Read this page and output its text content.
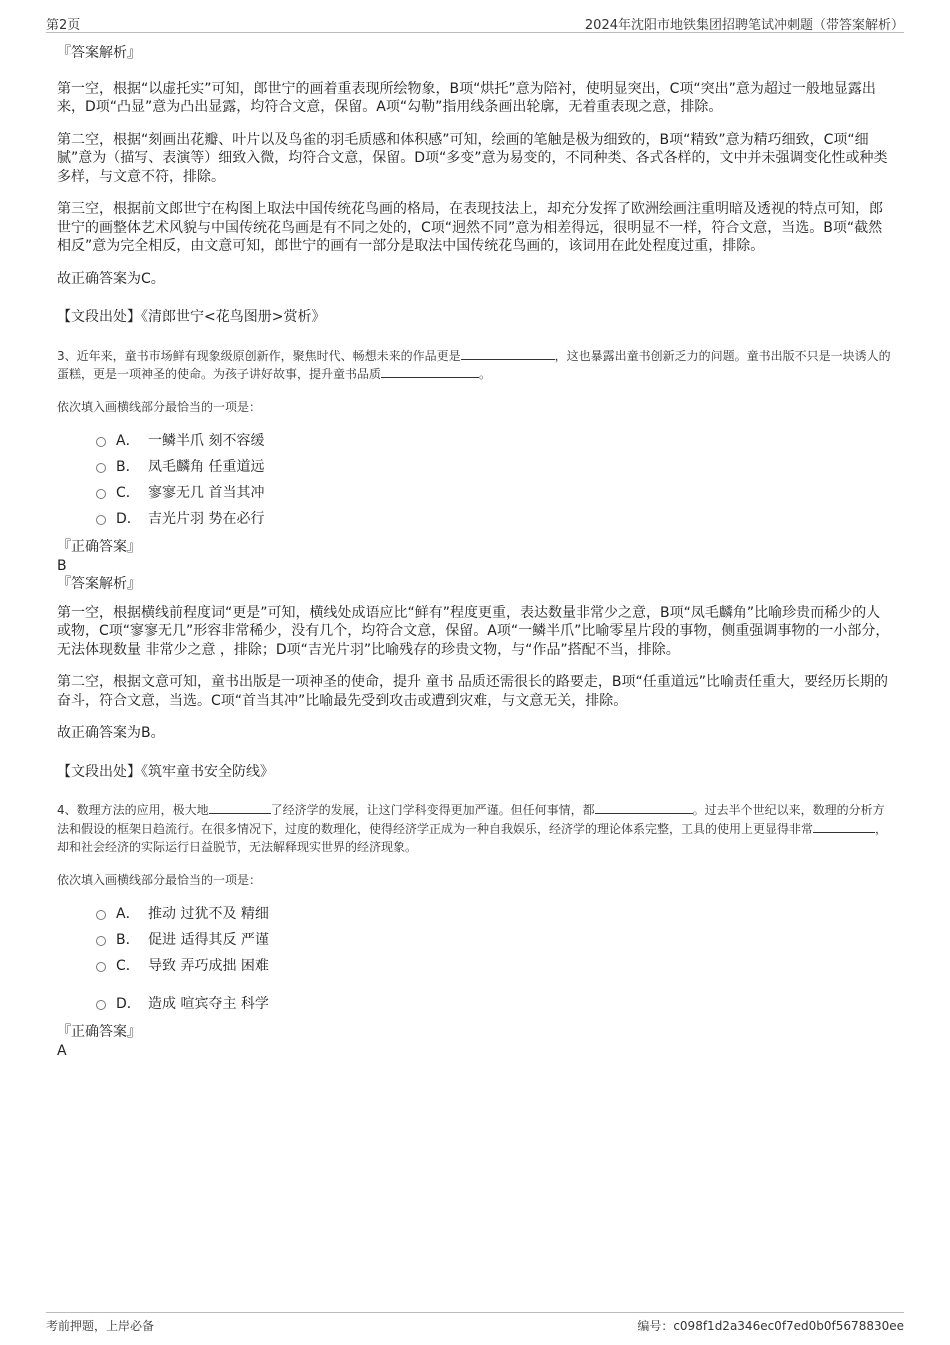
第2页	2024年沈阳市地铁集团招聘笔试冲刺题（带答案解析）

『答案解析』

第一空，根据“以虚托实”可知，郎世宁的画着重表现所绘物象，B项“烘托”意为陪衬，使明显突出，C项“突出”意为超过一般地显露出来，D项“凸显”意为凸出显露，均符合文意，保留。A项“勾勒”指用线条画出轮廓，无着重表现之意，排除。

第二空，根据“刻画出花瓣、叶片以及鸟雀的羽毛质感和体积感”可知，绘画的笔触是极为细致的，B项“精致”意为精巧细致，C项“细腻”意为（描写、表演等）细致入微，均符合文意，保留。D项“多变”意为易变的，不同种类、各式各样的，文中并未强调变化性或种类多样，与文意不符，排除。

第三空，根据前文郎世宁在构图上取法中国传统花鸟画的格局，在表现技法上，却充分发挥了欧洲绘画注重明暗及透视的特点可知，郎世宁的画整体艺术风貌与中国传统花鸟画是有不同之处的，C项“迥然不同”意为相差得远，很明显不一样，符合文意，当选。B项“截然相反”意为完全相反，由文意可知，郎世宁的画有一部分是取法中国传统花鸟画的，该词用在此处程度过重，排除。

故正确答案为C。

【文段出处】《清郎世宁<花鸟图册>赏析》

3、近年来，童书市场鲜有现象级原创新作，聚焦时代、畅想未来的作品更是	，这也暴露出童书创新乏力的问题。童书出版不只是一块诱人的蛋糕，更是一项神圣的使命。为孩子讲好故事，提升童书品质	。

依次填入画横线部分最恰当的一项是：

A． 一鳞半爪 刻不容缓
B． 凤毛麟角 任重道远
C． 寥寥无几 首当其冲
D． 吉光片羽 势在必行

『正确答案』

B

『答案解析』

第一空，根据横线前程度词“更是”可知，横线处成语应比“鲜有”程度更重，表达数量非常少之意，B项“凤毛麟角”比喻珍贵而稀少的人或物，C项“寥寥无几”形容非常稀少，没有几个，均符合文意，保留。A项“一鳞半爪”比喻零星片段的事物，侧重强调事物的一小部分，无法体现数量 非常少之意 ，排除；D项“吉光片羽”比喻残存的珍贵文物，与“作品”搭配不当，排除。

第二空，根据文意可知，童书出版是一项神圣的使命，提升 童书 品质还需很长的路要走，B项“任重道远”比喻责任重大，要经历长期的奋斗，符合文意，当选。C项“首当其冲”比喻最先受到攻击或遭到灾难，与文意无关，排除。

故正确答案为B。

【文段出处】《筑牢童书安全防线》

4、数理方法的应用，极大地	了经济学的发展，让这门学科变得更加严谨。但任何事情，都	。过去半个世纪以来，数理的分析方法和假设的框架日趋流行。在很多情况下，过度的数理化，使得经济学正成为一种自我娱乐，经济学的理论体系完整，工具的使用上更显得非常	，却和社会经济的实际运行日益脱节，无法解释现实世界的经济现象。

依次填入画横线部分最恰当的一项是：

A． 推动 过犹不及 精细
B． 促进 适得其反 严谨
C． 导致 弄巧成拙 困难
D． 造成 喧宾夺主 科学

『正确答案』

A

考前押题，上岸必备	编号：c098f1d2a346ec0f7ed0b0f5678830ee
